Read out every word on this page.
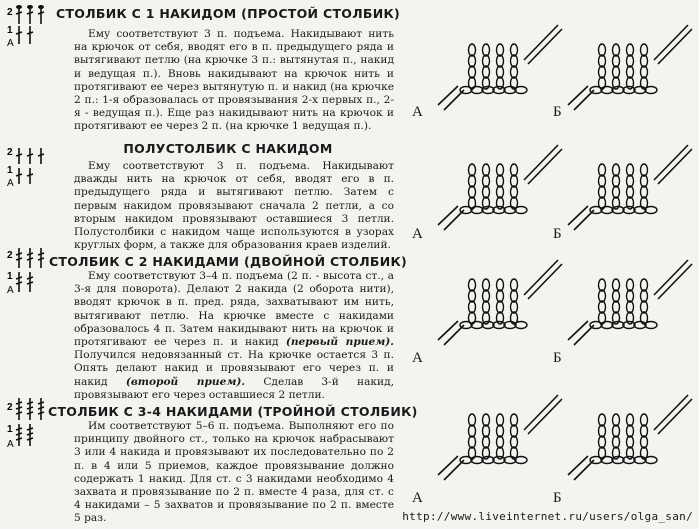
2
1
А
СТОЛБИК С 1 НАКИДОМ (ПРОСТОЙ СТОЛБИК)
Ему соответствуют 3 п. подъема. Накидывают нить на крючок от себя, вводят его в п. предыдущего ряда и вытягивают петлю (на крючке 3 п.: вытянутая п., накид и ведущая п.). Вновь накидывают на крючок нить и протягивают ее через вытянутую п. и накид (на крючке 2 п.: 1-я образовалась от провязывания 2-х первых п., 2-я - ведущая п.). Еще раз накидывают нить на крючок и протягивают ее через 2 п. (на крючке 1 ведущая п.).
2
1
А
ПОЛУСТОЛБИК С НАКИДОМ
Ему соответствуют 3 п. подъема. Накидывают дважды нить на крючок от себя, вводят его в п. предыдущего ряда и вытягивают петлю. Затем с первым накидом провязывают сначала 2 петли, а со вторым накидом провязывают оставшиеся 3 петли. Полустолбики с накидом чаще используются в узорах круглых форм, а также для образования краев изделий.
2
1
А
СТОЛБИК С 2 НАКИДАМИ (ДВОЙНОЙ СТОЛБИК)
Ему соответствуют 3–4 п. подъема (2 п. - высота ст., а 3-я для поворота). Делают 2 накида (2 оборота нити), вводят крючок в п. пред. ряда, захватывают им нить, вытягивают петлю. На крючке вместе с накидами образовалось 4 п. Затем накидывают нить на крючок и протягивают ее через п. и накид (первый прием). Получился недовязанный ст. На крючке остается 3 п. Опять делают накид и провязывают его через п. и накид (второй прием). Сделав 3-й накид, провязывают его через оставшиеся 2 петли.
2
1
А
СТОЛБИК С 3-4 НАКИДАМИ (ТРОЙНОЙ СТОЛБИК)
Им соответствуют 5–6 п. подъема. Выполняют его по принципу двойного ст., только на крючок набрасывают 3 или 4 накида и провязывают их последовательно по 2 п. в 4 или 5 приемов, каждое провязывание должно содержать 1 накид. Для ст. с 3 накидами необходимо 4 захвата и провязывание по 2 п. вместе 4 раза, для ст. с 4 накидами – 5 захватов и провязывание по 2 п. вместе 5 раз.
А	Б
А	Б
А	Б
А	Б
http://www.liveinternet.ru/users/olga_san/
